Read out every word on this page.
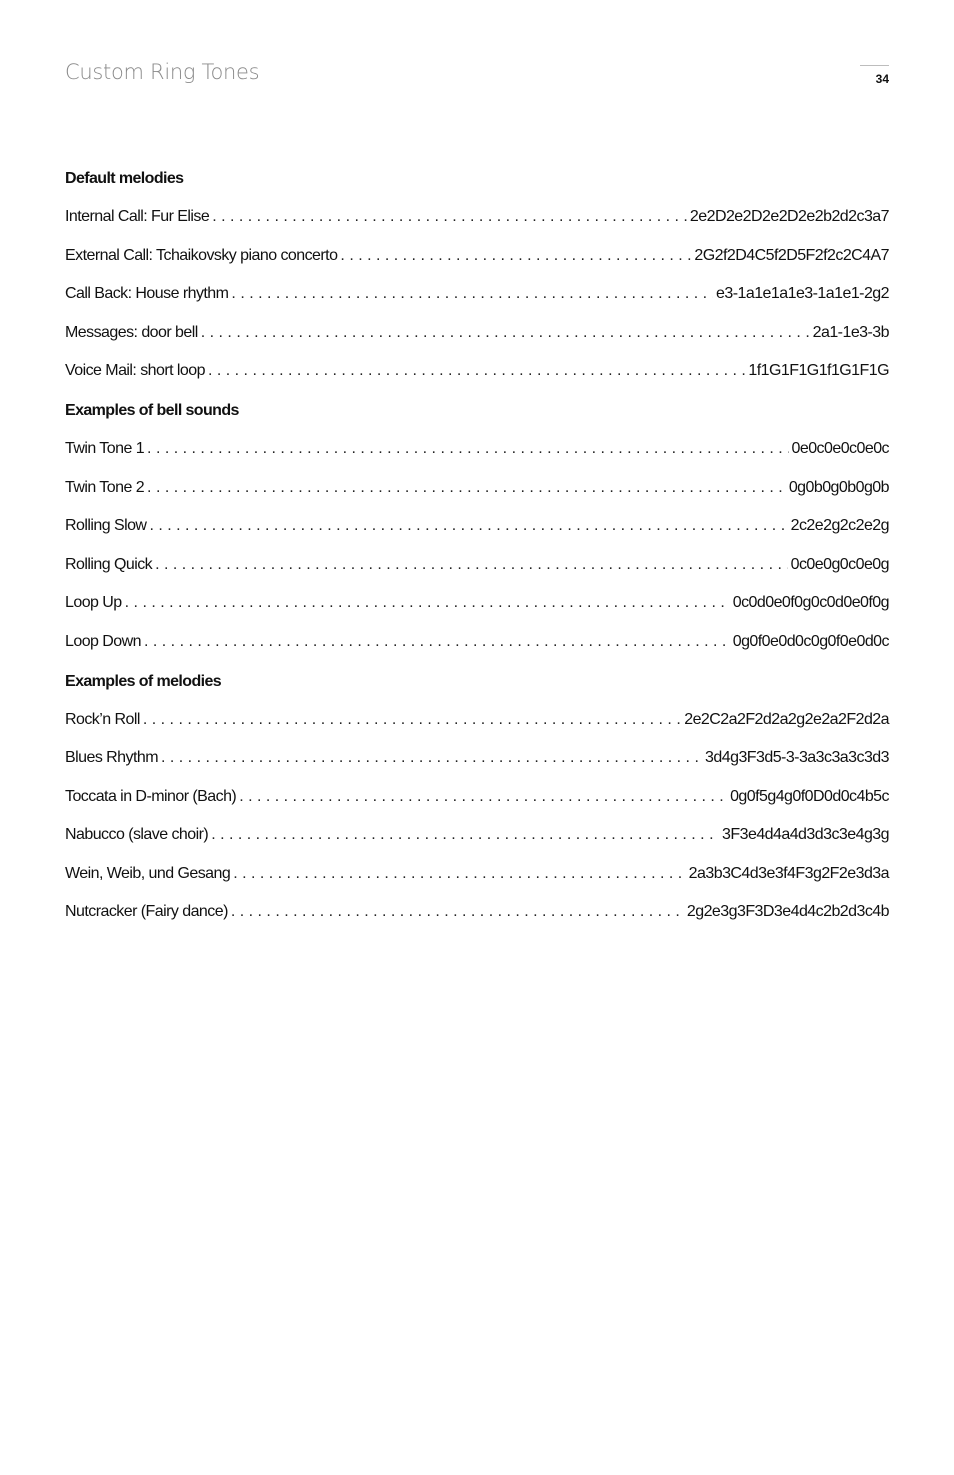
Custom Ring Tones	34
Default melodies
Internal Call: Fur Elise . . .	2e2D2e2D2e2D2e2b2d2c3a7
External Call: Tchaikovsky piano concerto . . .	2G2f2D4C5f2D5F2f2c2C4A7
Call Back: House rhythm . . .	e3-1a1e1a1e3-1a1e1-2g2
Messages: door bell . . .	2a1-1e3-3b
Voice Mail: short loop . . .	1f1G1F1G1f1G1F1G
Examples of bell sounds
Twin Tone 1 . . .	0e0c0e0c0e0c
Twin Tone 2 . . .	0g0b0g0b0g0b
Rolling Slow . . .	2c2e2g2c2e2g
Rolling Quick . . .	0c0e0g0c0e0g
Loop Up . . .	0c0d0e0f0g0c0d0e0f0g
Loop Down . . .	0g0f0e0d0c0g0f0e0d0c
Examples of melodies
Rock’n Roll . . .	2e2C2a2F2d2a2g2e2a2F2d2a
Blues Rhythm . . .	3d4g3F3d5-3-3a3c3a3c3d3
Toccata in D-minor (Bach) . . .	0g0f5g4g0f0D0d0c4b5c
Nabucco (slave choir) . . .	3F3e4d4a4d3d3c3e4g3g
Wein, Weib, und Gesang . . .	2a3b3C4d3e3f4F3g2F2e3d3a
Nutcracker (Fairy dance) . . .	2g2e3g3F3D3e4d4c2b2d3c4b
